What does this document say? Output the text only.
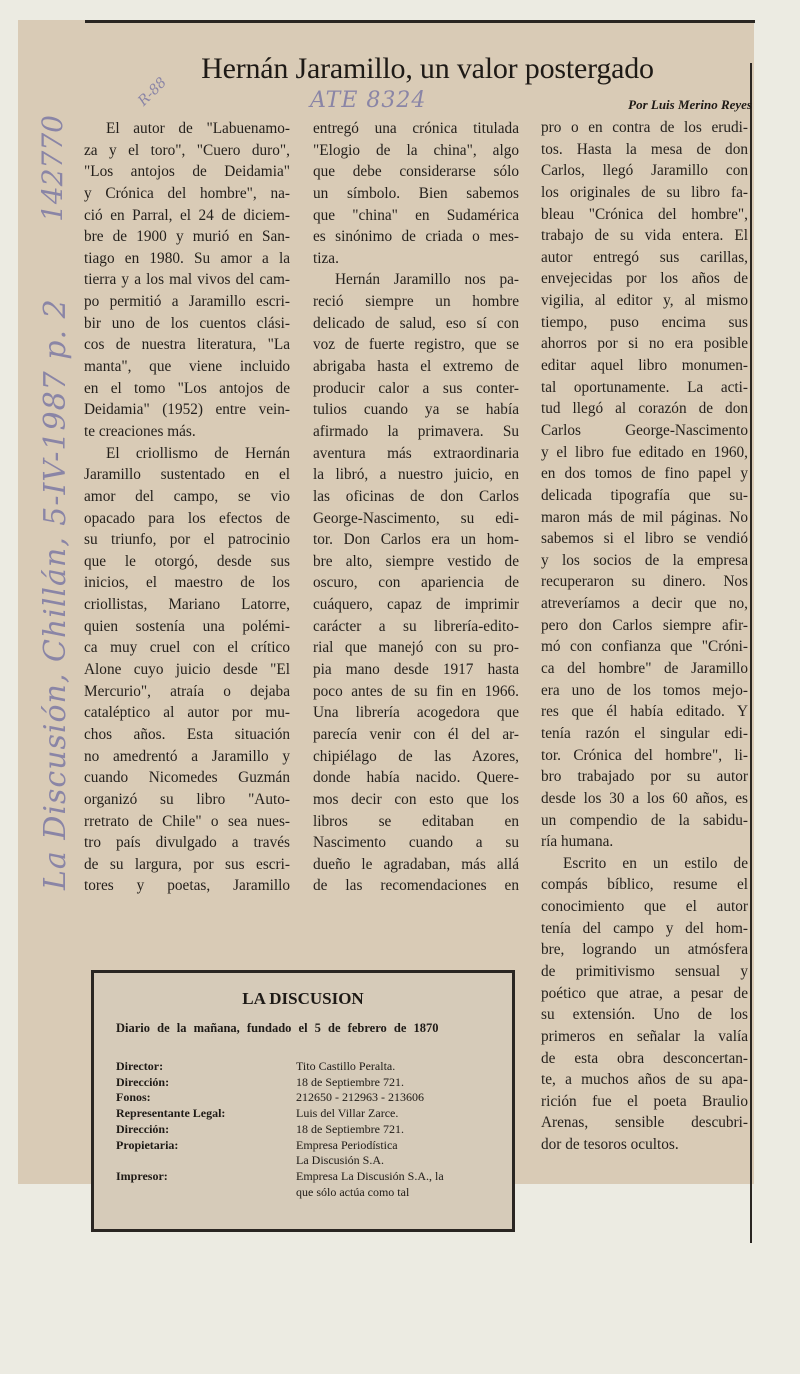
Hernán Jaramillo, un valor postergado
Por Luis Merino Reyes
El autor de "Labuenamo-
za y el toro", "Cuero duro",
"Los antojos de Deidamia"
y Crónica del hombre", na-
ció en Parral, el 24 de diciem-
bre de 1900 y murió en San-
tiago en 1980. Su amor a la
tierra y a los mal vivos del cam-
po permitió a Jaramillo escri-
bir uno de los cuentos clási-
cos de nuestra literatura, "La
manta", que viene incluido
en el tomo "Los antojos de
Deidamia" (1952) entre vein-
te creaciones más.
El criollismo de Hernán
Jaramillo sustentado en el
amor del campo, se vio
opacado para los efectos de
su triunfo, por el patrocinio
que le otorgó, desde sus
inicios, el maestro de los
criollistas, Mariano Latorre,
quien sostenía una polémi-
ca muy cruel con el crítico
Alone cuyo juicio desde "El
Mercurio", atraía o dejaba
cataléptico al autor por mu-
chos años. Esta situación
no amedrentó a Jaramillo y
cuando Nicomedes Guzmán
organizó su libro "Auto-
rretrato de Chile" o sea nues-
tro país divulgado a través
de su largura, por sus escri-
tores y poetas, Jaramillo
entregó una crónica titulada
"Elogio de la china", algo
que debe considerarse sólo
un símbolo. Bien sabemos
que "china" en Sudamérica
es sinónimo de criada o mes-
tiza.
Hernán Jaramillo nos pa-
reció siempre un hombre
delicado de salud, eso sí con
voz de fuerte registro, que se
abrigaba hasta el extremo de
producir calor a sus conter-
tulios cuando ya se había
afirmado la primavera. Su
aventura más extraordinaria
la libró, a nuestro juicio, en
las oficinas de don Carlos
George-Nascimento, su edi-
tor. Don Carlos era un hom-
bre alto, siempre vestido de
oscuro, con apariencia de
cuáquero, capaz de imprimir
carácter a su librería-edito-
rial que manejó con su pro-
pia mano desde 1917 hasta
poco antes de su fin en 1966.
Una librería acogedora que
parecía venir con él del ar-
chipiélago de las Azores,
donde había nacido. Quere-
mos decir con esto que los
libros se editaban en
Nascimento cuando a su
dueño le agradaban, más allá
de las recomendaciones en
pro o en contra de los erudi-
tos. Hasta la mesa de don
Carlos, llegó Jaramillo con
los originales de su libro fa-
bleau "Crónica del hombre",
trabajo de su vida entera. El
autor entregó sus carillas,
envejecidas por los años de
vigilia, al editor y, al mismo
tiempo, puso encima sus
ahorros por si no era posible
editar aquel libro monumen-
tal oportunamente. La acti-
tud llegó al corazón de don
Carlos George-Nascimento
y el libro fue editado en 1960,
en dos tomos de fino papel y
delicada tipografía que su-
maron más de mil páginas. No
sabemos si el libro se vendió
y los socios de la empresa
recuperaron su dinero. Nos
atreveríamos a decir que no,
pero don Carlos siempre afir-
mó con confianza que "Cróni-
ca del hombre" de Jaramillo
era uno de los tomos mejo-
res que él había editado. Y
tenía razón el singular edi-
tor. Crónica del hombre", li-
bro trabajado por su autor
desde los 30 a los 60 años, es
un compendio de la sabidu-
ría humana.
Escrito en un estilo de
compás bíblico, resume el
conocimiento que el autor
tenía del campo y del hom-
bre, logrando un atmósfera
de primitivismo sensual y
poético que atrae, a pesar de
su extensión. Uno de los
primeros en señalar la valía
de esta obra desconcertan-
te, a muchos años de su apa-
rición fue el poeta Braulio
Arenas, sensible descubri-
dor de tesoros ocultos.
LA DISCUSION
Diario de la mañana, fundado el 5 de febrero de 1870
Director:	Tito Castillo Peralta.
Dirección:	18 de Septiembre 721.
Fonos:	212650 - 212963 - 213606
Representante Legal:	Luis del Villar Zarce.
Dirección:	18 de Septiembre 721.
Propietaria:	Empresa Periodística
La Discusión S.A.
Impresor:	Empresa La Discusión S.A., la
que sólo actúa como tal
La Discusión, Chillán, 5-IV-1987 p. 2
142770
R-88	ATE 8324
